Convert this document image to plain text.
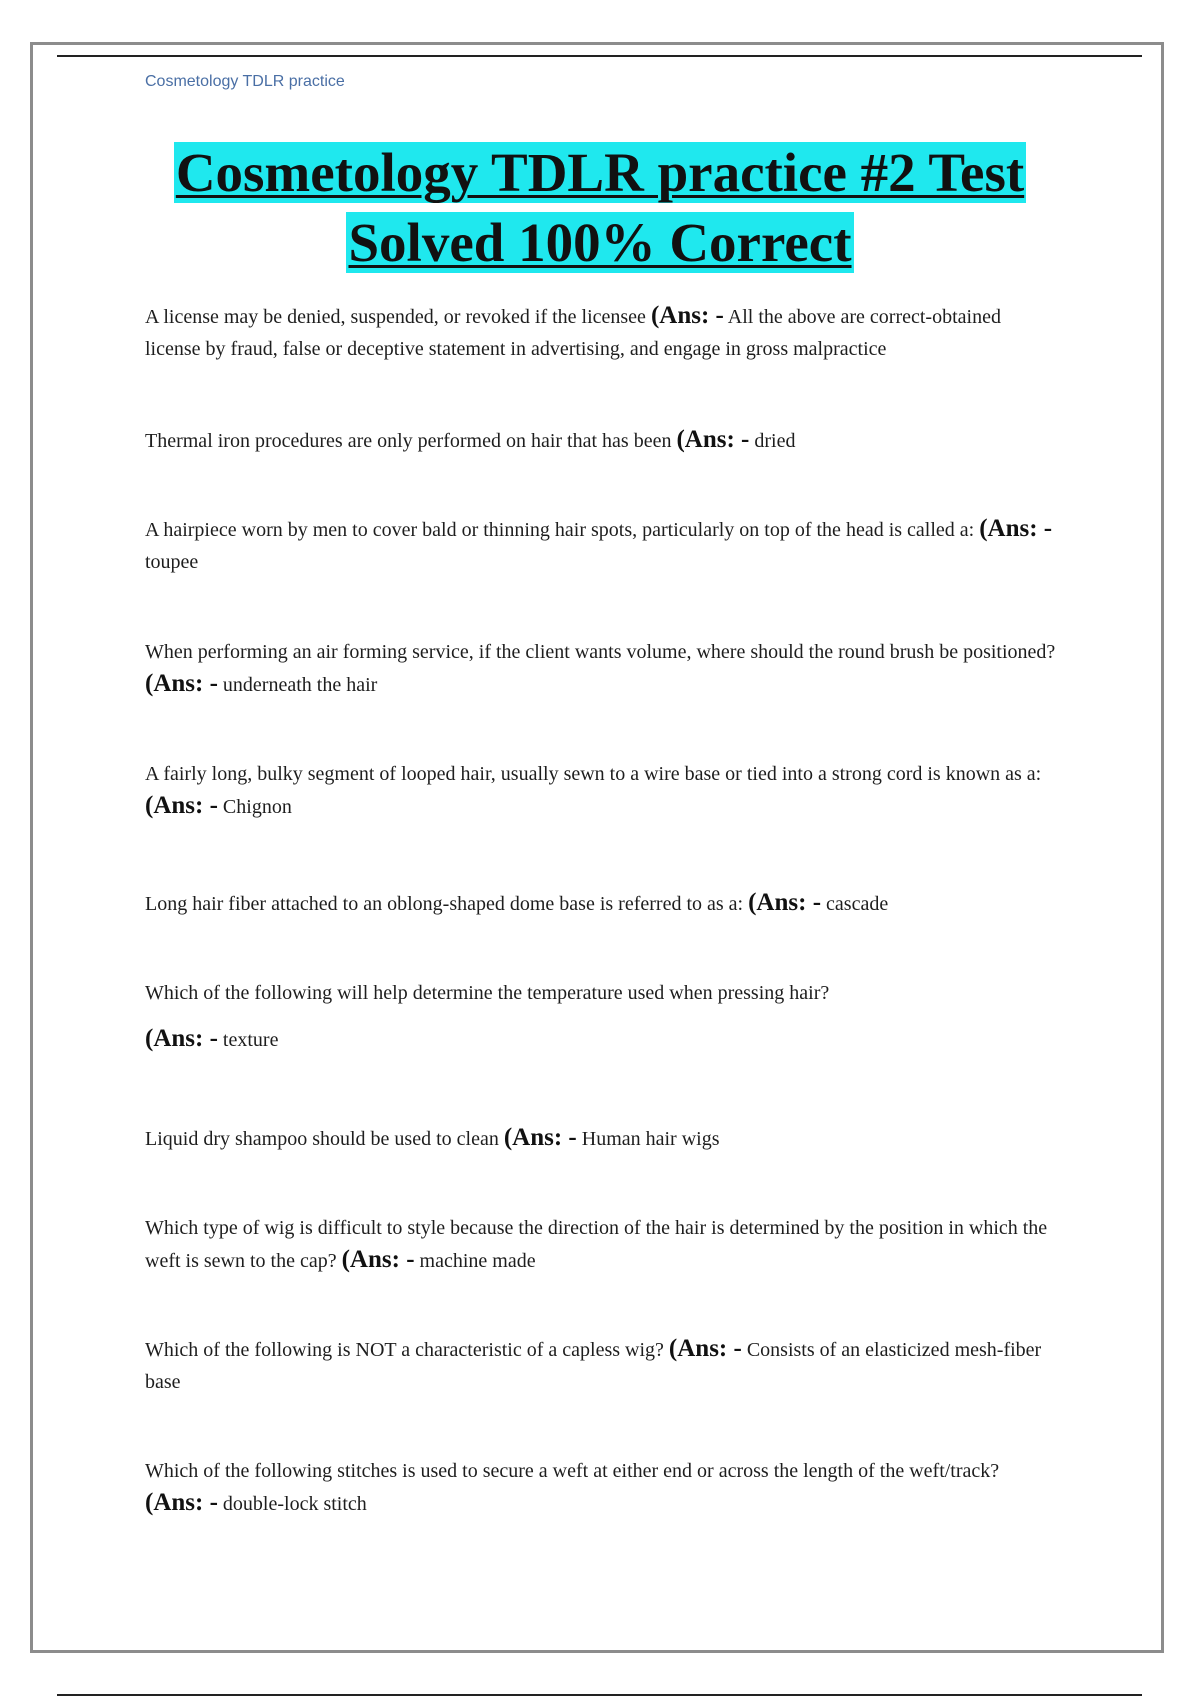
Cosmetology TDLR practice
Cosmetology TDLR practice #2 Test
Solved 100% Correct
A license may be denied, suspended, or revoked if the licensee (Ans: - All the above are correct-obtained license by fraud, false or deceptive statement in advertising, and engage in gross malpractice
Thermal iron procedures are only performed on hair that has been (Ans: - dried
A hairpiece worn by men to cover bald or thinning hair spots, particularly on top of the head is called a: (Ans: - toupee
When performing an air forming service, if the client wants volume, where should the round brush be positioned? (Ans: - underneath the hair
A fairly long, bulky segment of looped hair, usually sewn to a wire base or tied into a strong cord is known as a: (Ans: - Chignon
Long hair fiber attached to an oblong-shaped dome base is referred to as a: (Ans: - cascade
Which of the following will help determine the temperature used when pressing hair?
(Ans: - texture
Liquid dry shampoo should be used to clean (Ans: - Human hair wigs
Which type of wig is difficult to style because the direction of the hair is determined by the position in which the weft is sewn to the cap? (Ans: - machine made
Which of the following is NOT a characteristic of a capless wig? (Ans: - Consists of an elasticized mesh-fiber base
Which of the following stitches is used to secure a weft at either end or across the length of the weft/track? (Ans: - double-lock stitch
